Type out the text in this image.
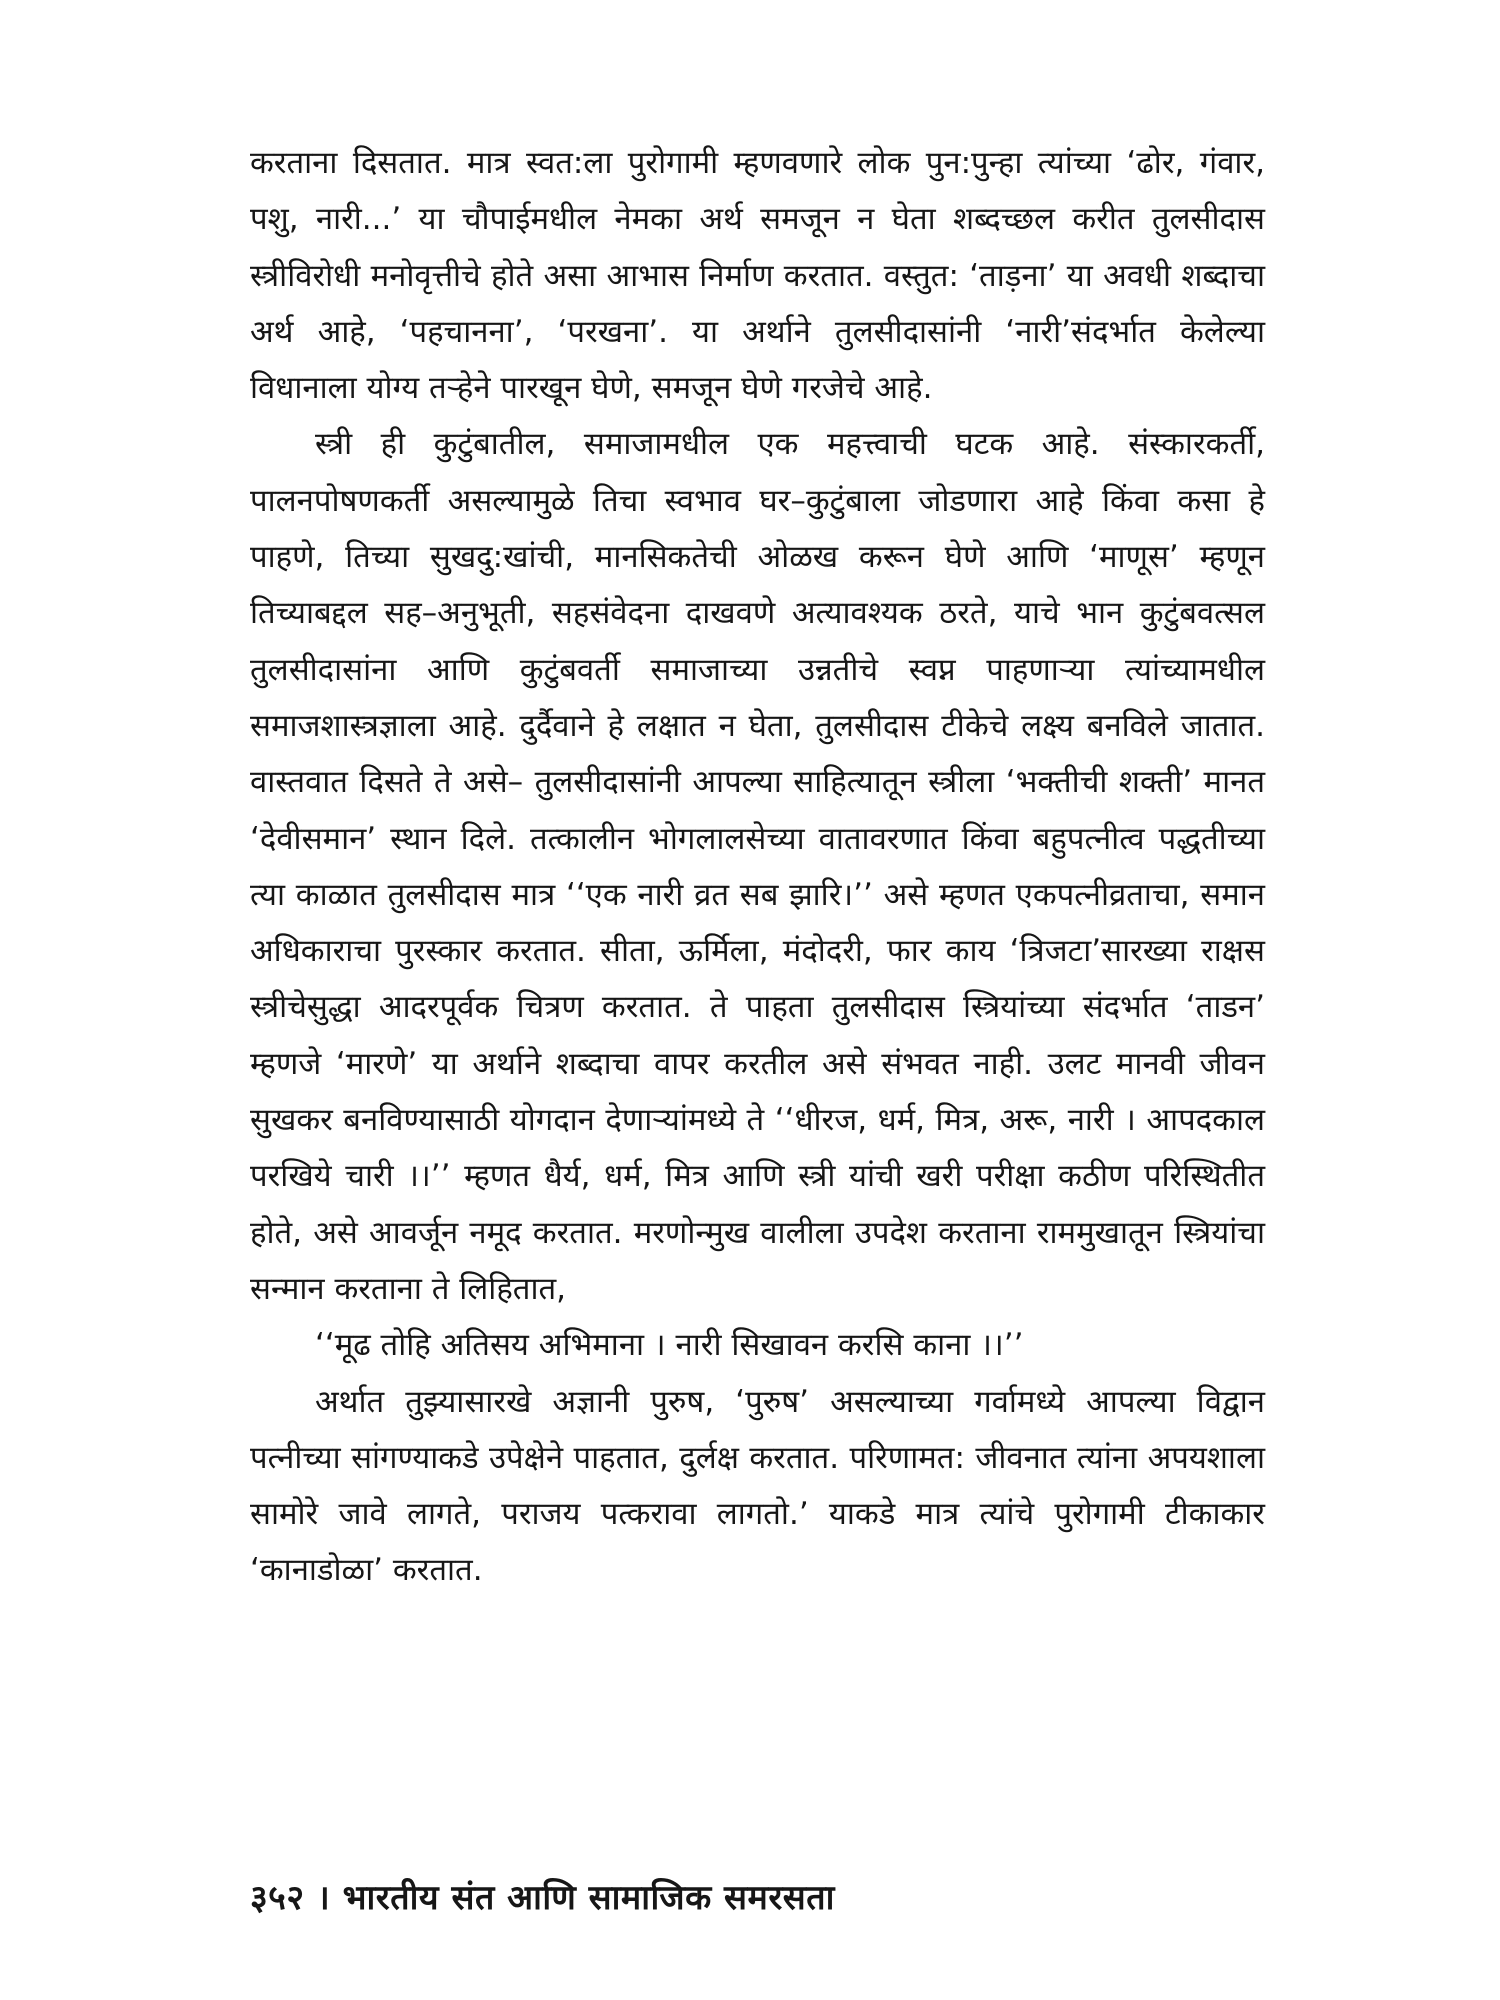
करताना दिसतात. मात्र स्वत:ला पुरोगामी म्हणवणारे लोक पुन:पुन्हा त्यांच्या ‘ढोर, गंवार, पशु, नारी...’ या चौपाईमधील नेमका अर्थ समजून न घेता शब्दच्छल करीत तुलसीदास स्त्रीविरोधी मनोवृत्तीचे होते असा आभास निर्माण करतात. वस्तुत: ‘ताड़ना’ या अवधी शब्दाचा अर्थ आहे, ‘पहचानना’, ‘परखना’. या अर्थाने तुलसीदासांनी ‘नारी’संदर्भात केलेल्या विधानाला योग्य तऱ्हेने पारखून घेणे, समजून घेणे गरजेचे आहे.

स्त्री ही कुटुंबातील, समाजामधील एक महत्त्वाची घटक आहे. संस्कारकर्ती, पालनपोषणकर्ती असल्यामुळे तिचा स्वभाव घर–कुटुंबाला जोडणारा आहे किंवा कसा हे पाहणे, तिच्या सुखदु:खांची, मानसिकतेची ओळख करून घेणे आणि ‘माणूस’ म्हणून तिच्याबद्दल सह–अनुभूती, सहसंवेदना दाखवणे अत्यावश्यक ठरते, याचे भान कुटुंबवत्सल तुलसीदासांना आणि कुटुंबवर्ती समाजाच्या उन्नतीचे स्वप्न पाहणाऱ्या त्यांच्यामधील समाजशास्त्रज्ञाला आहे. दुर्दैवाने हे लक्षात न घेता, तुलसीदास टीकेचे लक्ष्य बनविले जातात. वास्तवात दिसते ते असे– तुलसीदासांनी आपल्या साहित्यातून स्त्रीला ‘भक्तीची शक्ती’ मानत ‘देवीसमान’ स्थान दिले. तत्कालीन भोगलालसेच्या वातावरणात किंवा बहुपत्नीत्व पद्धतीच्या त्या काळात तुलसीदास मात्र ‘‘एक नारी व्रत सब झारि।’’ असे म्हणत एकपत्नीव्रताचा, समान अधिकाराचा पुरस्कार करतात. सीता, ऊर्मिला, मंदोदरी, फार काय ‘त्रिजटा’सारख्या राक्षस स्त्रीचेसुद्धा आदरपूर्वक चित्रण करतात. ते पाहता तुलसीदास स्त्रियांच्या संदर्भात ‘ताडन’ म्हणजे ‘मारणे’ या अर्थाने शब्दाचा वापर करतील असे संभवत नाही. उलट मानवी जीवन सुखकर बनविण्यासाठी योगदान देणाऱ्यांमध्ये ते ‘‘धीरज, धर्म, मित्र, अरू, नारी । आपदकाल परखिये चारी ।।’’ म्हणत धैर्य, धर्म, मित्र आणि स्त्री यांची खरी परीक्षा कठीण परिस्थितीत होते, असे आवर्जून नमूद करतात. मरणोन्मुख वालीला उपदेश करताना राममुखातून स्त्रियांचा सन्मान करताना ते लिहितात,

‘‘मूढ तोहि अतिसय अभिमाना । नारी सिखावन करसि काना ।।’’

अर्थात तुझ्यासारखे अज्ञानी पुरुष, ‘पुरुष’ असल्याच्या गर्वामध्ये आपल्या विद्वान पत्नीच्या सांगण्याकडे उपेक्षेने पाहतात, दुर्लक्ष करतात. परिणामत: जीवनात त्यांना अपयशाला सामोरे जावे लागते, पराजय पत्करावा लागतो.’ याकडे मात्र त्यांचे पुरोगामी टीकाकार ‘कानाडोळा’ करतात.

३५२ । भारतीय संत आणि सामाजिक समरसता
